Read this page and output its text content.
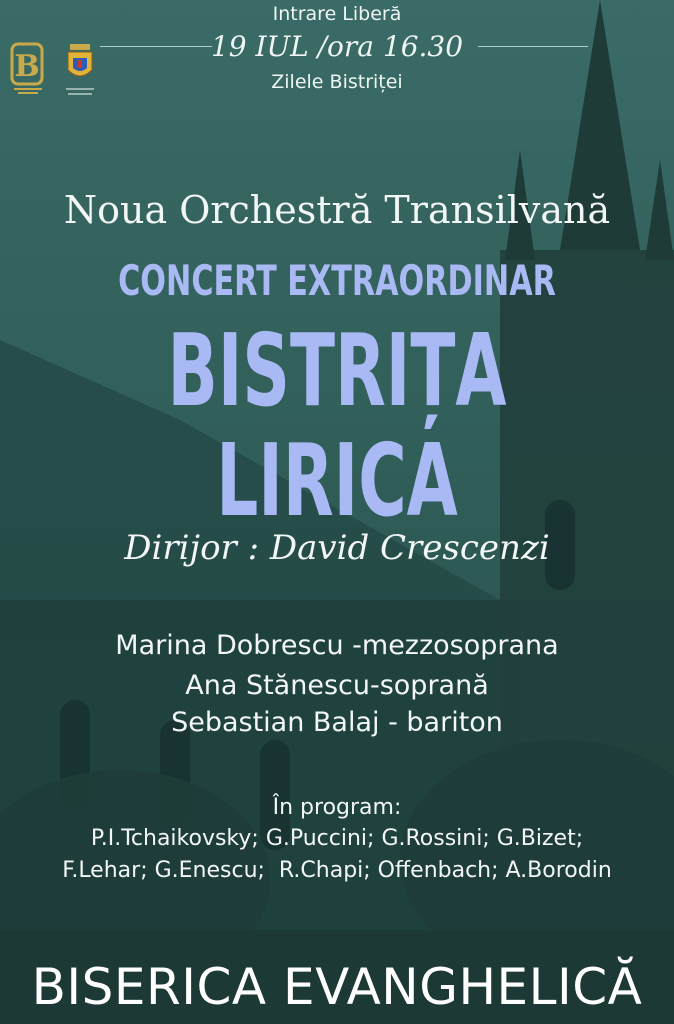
B
Intrare Liberă
19 IUL /ora 16.30
Zilele Bistriței
Noua Orchestră Transilvană
CONCERT EXTRAORDINAR
BISTRIȚA LIRICA
Dirijor : David Crescenzi
Marina Dobrescu -mezzosoprana
Ana Stănescu-soprană
Sebastian Balaj - bariton
În program:
P.I.Tchaikovsky; G.Puccini; G.Rossini; G.Bizet;
F.Lehar; G.Enescu;  R.Chapi; Offenbach; A.Borodin
BISERICA EVANGHELICĂ
